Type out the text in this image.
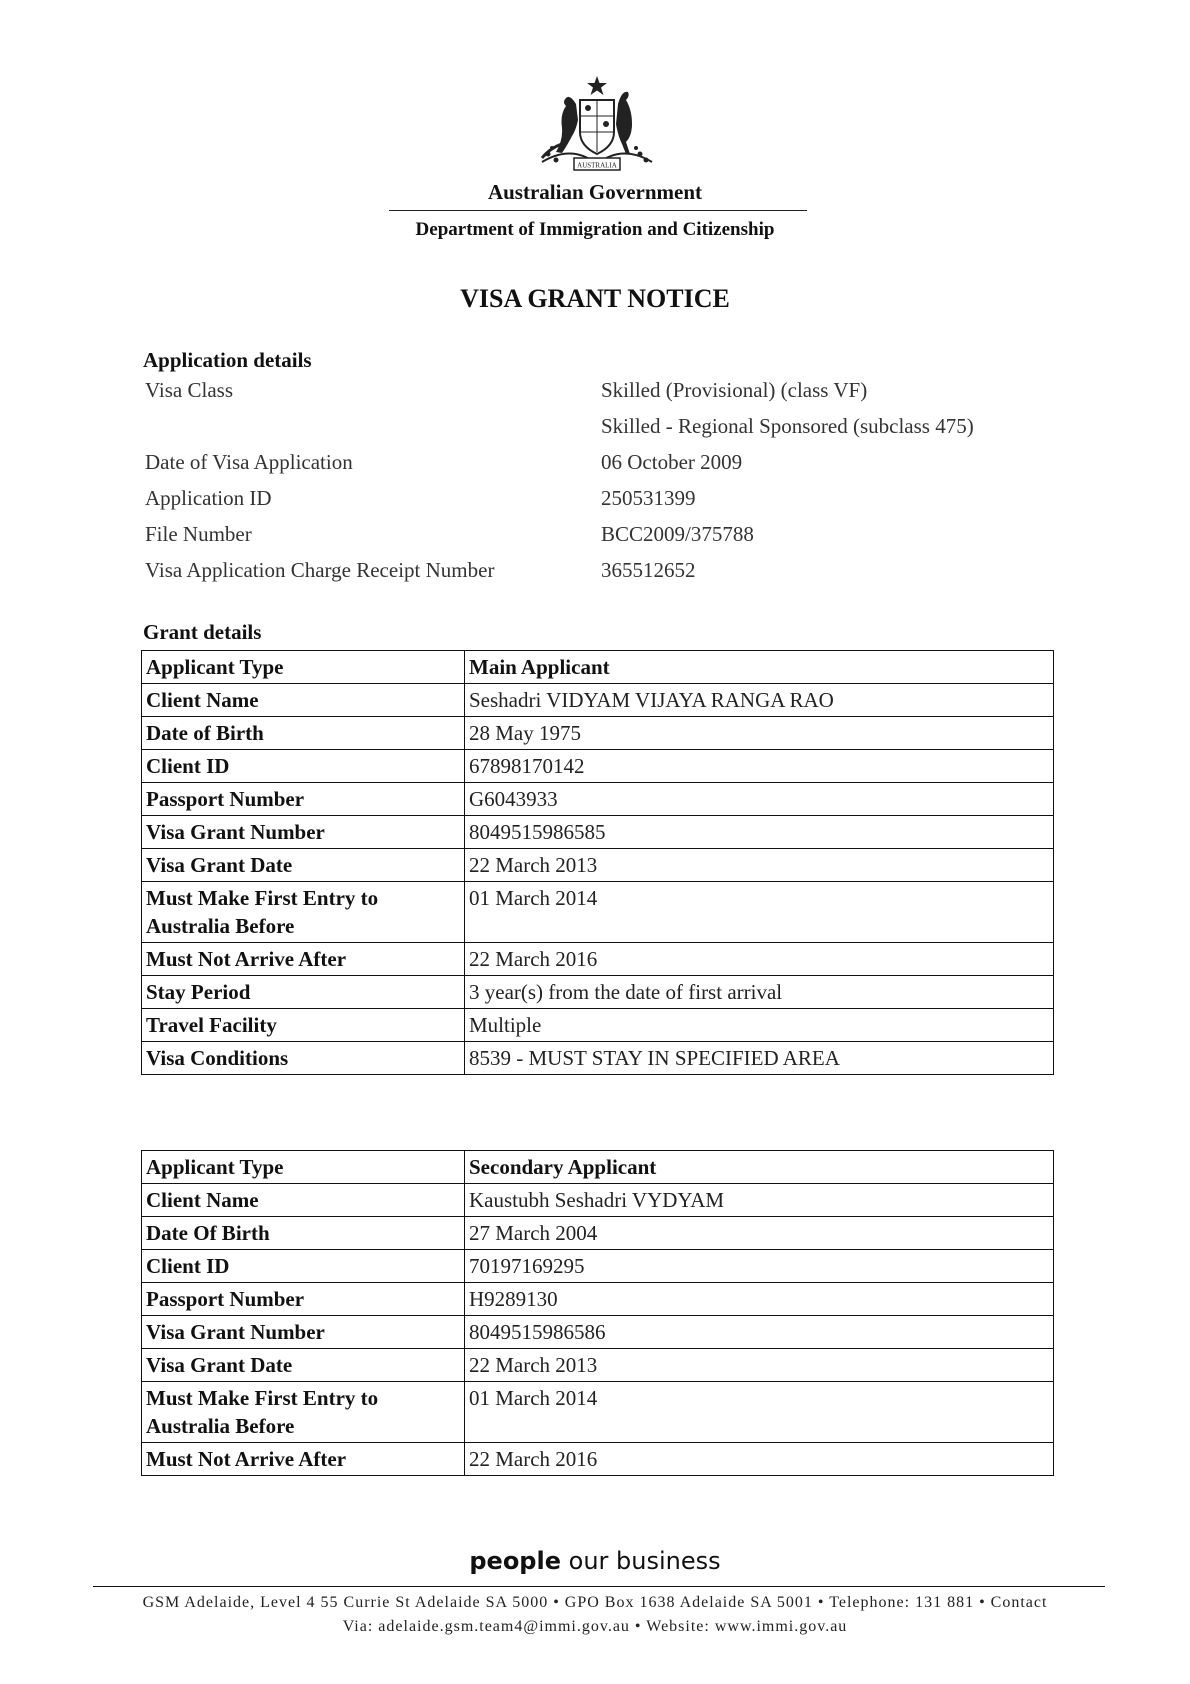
AUSTRALIA
Australian Government
Department of Immigration and Citizenship
VISA GRANT NOTICE
Application details
Visa Class	Skilled (Provisional) (class VF)
Skilled - Regional Sponsored (subclass 475)
Date of Visa Application	06 October 2009
Application ID	250531399
File Number	BCC2009/375788
Visa Application Charge Receipt Number	365512652
Grant details
Applicant Type	Main Applicant
Client Name	Seshadri VIDYAM VIJAYA RANGA RAO
Date of Birth	28 May 1975
Client ID	67898170142
Passport Number	G6043933
Visa Grant Number	8049515986585
Visa Grant Date	22 March 2013
Must Make First Entry to Australia Before	01 March 2014
Must Not Arrive After	22 March 2016
Stay Period	3 year(s) from the date of first arrival
Travel Facility	Multiple
Visa Conditions	8539 - MUST STAY IN SPECIFIED AREA
Applicant Type	Secondary Applicant
Client Name	Kaustubh Seshadri VYDYAM
Date Of Birth	27 March 2004
Client ID	70197169295
Passport Number	H9289130
Visa Grant Number	8049515986586
Visa Grant Date	22 March 2013
Must Make First Entry to Australia Before	01 March 2014
Must Not Arrive After	22 March 2016
people our business
GSM Adelaide, Level 4 55 Currie St Adelaide SA 5000 • GPO Box 1638 Adelaide SA 5001 • Telephone: 131 881 • Contact
Via: adelaide.gsm.team4@immi.gov.au • Website: www.immi.gov.au
